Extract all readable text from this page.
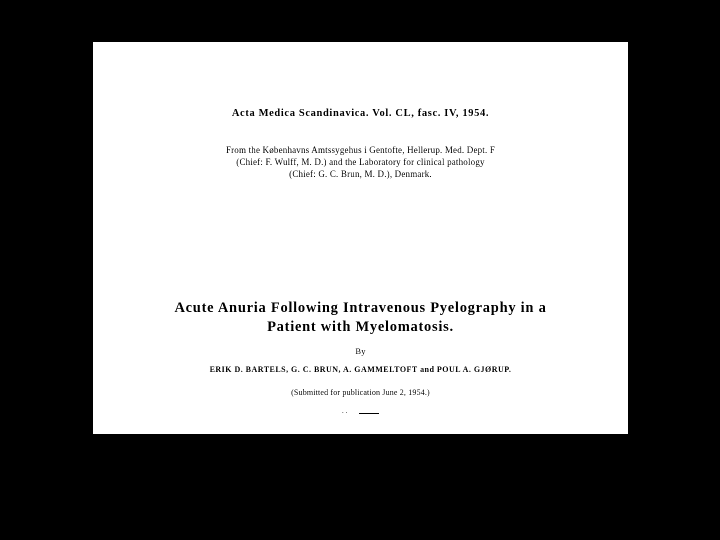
Acta Medica Scandinavica. Vol. CL, fasc. IV, 1954.
From the Københavns Amtssygehus i Gentofte, Hellerup. Med. Dept. F
(Chief: F. Wulff, M. D.) and the Laboratory for clinical pathology
(Chief: G. C. Brun, M. D.), Denmark.
Acute Anuria Following Intravenous Pyelography in a
Patient with Myelomatosis.
By
ERIK D. BARTELS, G. C. BRUN, A. GAMMELTOFT and POUL A. GJØRUP.
(Submitted for publication June 2, 1954.)
. .
